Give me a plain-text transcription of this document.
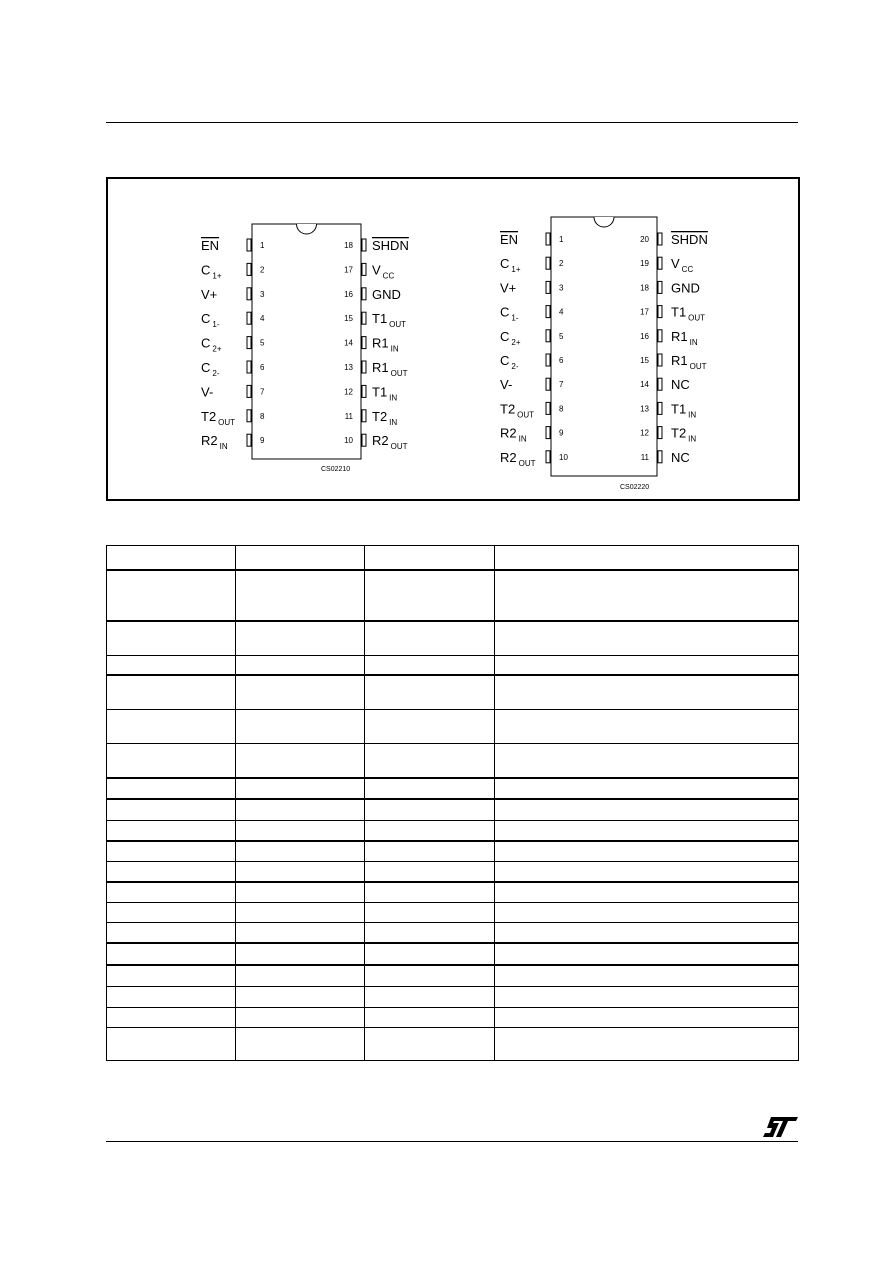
1
EN
2
C $_{1+}$
3
V+
4
C $_{1-}$
5
C $_{2+}$
6
C $_{2-}$
7
V-
8
T2 $_{OUT}$
9
R2 $_{IN}$
18 SHDN
17 V $_{CC}$
16 GND
15 T1 $_{OUT}$
14 R1 $_{IN}$
13 R1 $_{OUT}$
12 T1 $_{IN}$
11 T2 $_{IN}$
10 R2 $_{OUT}$
CS02210
1
EN
2
C $_{1+}$
3
V+
4
C $_{1-}$
5
C $_{2+}$
6
C $_{2-}$
7
V-
8
T2 $_{OUT}$
9
R2 $_{IN}$
10
R2 $_{OUT}$
20 SHDN
19 V $_{CC}$
18 GND
17 T1 $_{OUT}$
16 R1 $_{IN}$
15 R1 $_{OUT}$
14 NC
13 T1 $_{IN}$
12 T2 $_{IN}$
11 NC
CS02220
